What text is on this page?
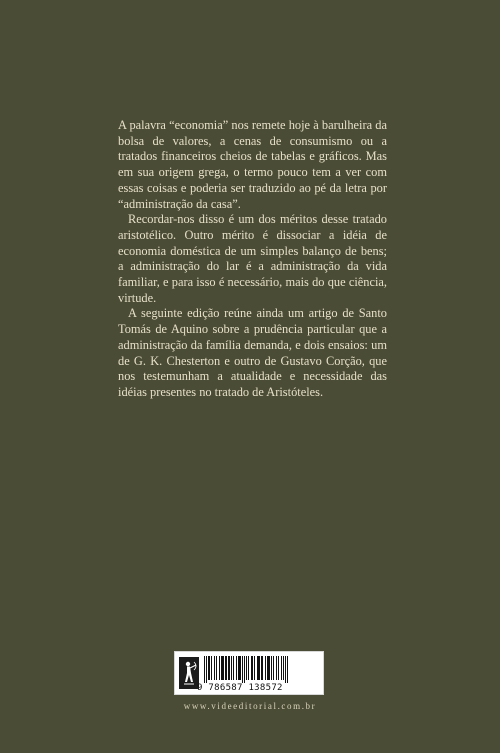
A palavra “economia” nos remete hoje à barulheira da bolsa de valores, a cenas de consumismo ou a tratados financeiros cheios de tabelas e gráficos. Mas em sua origem grega, o termo pouco tem a ver com essas coisas e poderia ser traduzido ao pé da letra por “administração da casa”.

Recordar-nos disso é um dos méritos desse tratado aristotélico. Outro mérito é dissociar a idéia de economia doméstica de um simples balanço de bens; a administração do lar é a administração da vida familiar, e para isso é necessário, mais do que ciência, virtude.

A seguinte edição reúne ainda um artigo de Santo Tomás de Aquino sobre a prudência particular que a administração da família demanda, e dois ensaios: um de G. K. Chesterton e outro de Gustavo Corção, que nos testemunham a atualidade e necessidade das idéias presentes no tratado de Aristóteles.

9 786587 138572
www.videeditorial.com.br
